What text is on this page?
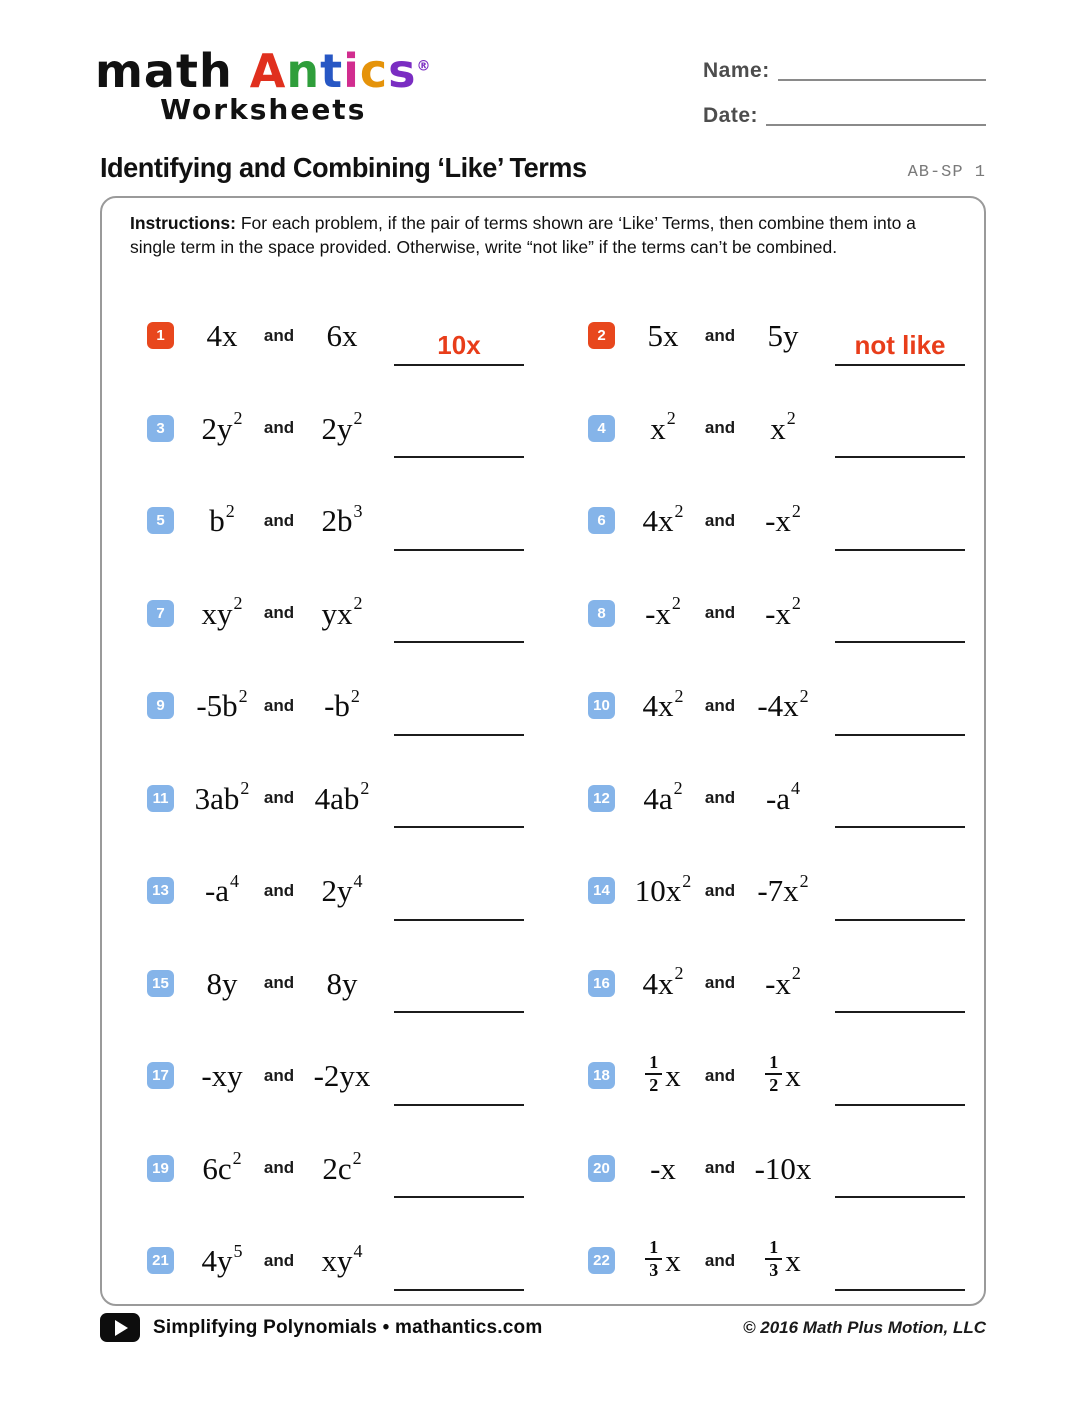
math Antics®
Worksheets
Name:
Date:
Identifying and Combining ‘Like’ Terms	AB-SP 1

Instructions: For each problem, if the pair of terms shown are ‘Like’ Terms, then combine them into a single term in the space provided. Otherwise, write “not like” if the terms can’t be combined.

1	4x	and	6x	10x	2	5x	and	5y	not like
3	$2y^2$	and $2y^2$	4	$x^2$	and	$x^2$
5	$b^2$	and $2b^3$	6	$4x^2$	and $-x^2$
7	$xy^2$	and $yx^2$	8	$-x^2$	and $-x^2$
9	$-5b^2$ and $-b^2$	10 $4x^2$	and $-4x^2$
11 $3ab^2$ and $4ab^2$	12 $4a^2$	and $-a^4$
13 $-a^4$	and $2y^4$	14 $10x^2$ and $-7x^2$
15 8y	and	8y	16 $4x^2$	and $-x^2$
17 -xy	and -2yx	$18 \frac{1}{2}$ x	and	$\frac{1}{2}$ x
19 $6c^2$	and $2c^2$	20 -x	and -10x
21 $4y^5$	and $xy^4$	$22 \frac{1}{3}$ x	and	$\frac{1}{3}$ x
Simplifying Polynomials • mathantics.com	© 2016 Math Plus Motion, LLC
